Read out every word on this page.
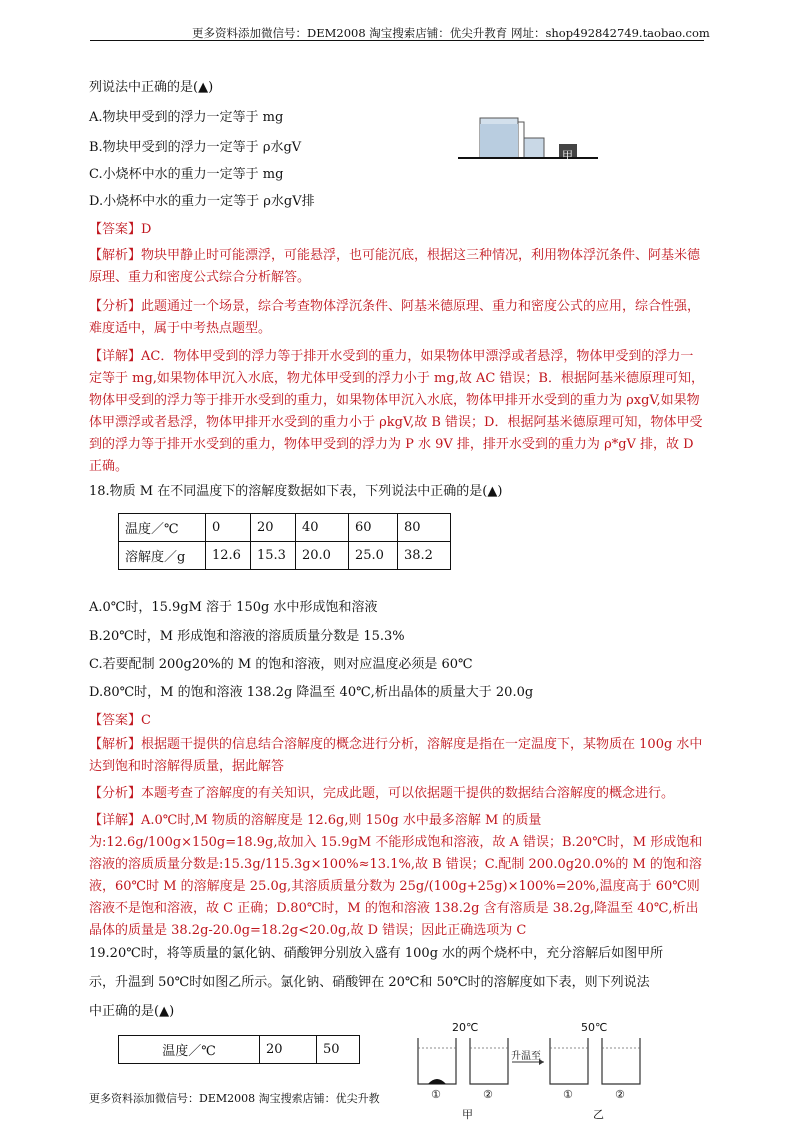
更多资料添加微信号：DEM2008 淘宝搜索店铺：优尖升教育 网址：shop492842749.taobao.com
列说法中正确的是(▲)
A.物块甲受到的浮力一定等于 mg
B.物块甲受到的浮力一定等于 ρ水gV
C.小烧杯中水的重力一定等于 mg
D.小烧杯中水的重力一定等于 ρ水gV排
甲
【答案】D
【解析】物块甲静止时可能漂浮，可能悬浮，也可能沉底，根据这三种情况，利用物体浮沉条件、阿基米德原理、重力和密度公式综合分析解答。
【分析】此题通过一个场景，综合考查物体浮沉条件、阿基米德原理、重力和密度公式的应用，综合性强，难度适中，属于中考热点题型。
【详解】AC．物体甲受到的浮力等于排开水受到的重力，如果物体甲漂浮或者悬浮，物体甲受到的浮力一定等于 mg,如果物体甲沉入水底，物尤体甲受到的浮力小于 mg,故 AC 错误；B．根据阿基米德原理可知，物体甲受到的浮力等于排开水受到的重力，如果物体甲沉入水底，物体甲排开水受到的重力为 ρxgV,如果物体甲漂浮或者悬浮，物体甲排开水受到的重力小于 ρkgV,故 B 错误；D．根据阿基米德原理可知，物体甲受到的浮力等于排开水受到的重力，物体甲受到的浮力为 P 水 9V 排，排开水受到的重力为 ρ*gV 排，故 D 正确。
18.物质 M 在不同温度下的溶解度数据如下表，下列说法中正确的是(▲)
温度／℃	0	20	40	60	80
溶解度／g	12.6	15.3	20.0	25.0	38.2
A.0℃时，15.9gM 溶于 150g 水中形成饱和溶液
B.20℃时，M 形成饱和溶液的溶质质量分数是 15.3%
C.若要配制 200g20%的 M 的饱和溶液，则对应温度必须是 60℃
D.80℃时，M 的饱和溶液 138.2g 降温至 40℃,析出晶体的质量大于 20.0g
【答案】C
【解析】根据题干提供的信息结合溶解度的概念进行分析，溶解度是指在一定温度下，某物质在 100g 水中达到饱和时溶解得质量，据此解答
【分析】本题考查了溶解度的有关知识，完成此题，可以依据题干提供的数据结合溶解度的概念进行。
【详解】A.0℃时,M 物质的溶解度是 12.6g,则 150g 水中最多溶解 M 的质量为:12.6g/100g×150g=18.9g,故加入 15.9gM 不能形成饱和溶液，故 A 错误；B.20℃时，M 形成饱和溶液的溶质质量分数是:15.3g/115.3g×100%≈13.1%,故 B 错误；C.配制 200.0g20.0%的 M 的饱和溶液，60℃时 M 的溶解度是 25.0g,其溶质质量分数为 25g/(100g+25g)×100%=20%,温度高于 60℃则溶液不是饱和溶液，故 C 正确；D.80℃时，M 的饱和溶液 138.2g 含有溶质是 38.2g,降温至 40℃,析出晶体的质量是 38.2g-20.0g=18.2g<20.0g,故 D 错误；因此正确选项为 C
19.20℃时，将等质量的氯化钠、硝酸钾分别放入盛有 100g 水的两个烧杯中，充分溶解后如图甲所
示，升温到 50℃时如图乙所示。氯化钠、硝酸钾在 20℃和 50℃时的溶解度如下表，则下列说法
中正确的是(▲)
温度／℃	20	50
20℃	50℃
升温至
①	②	①	②
甲	乙
更多资料添加微信号：DEM2008 淘宝搜索店铺：优尖升教
